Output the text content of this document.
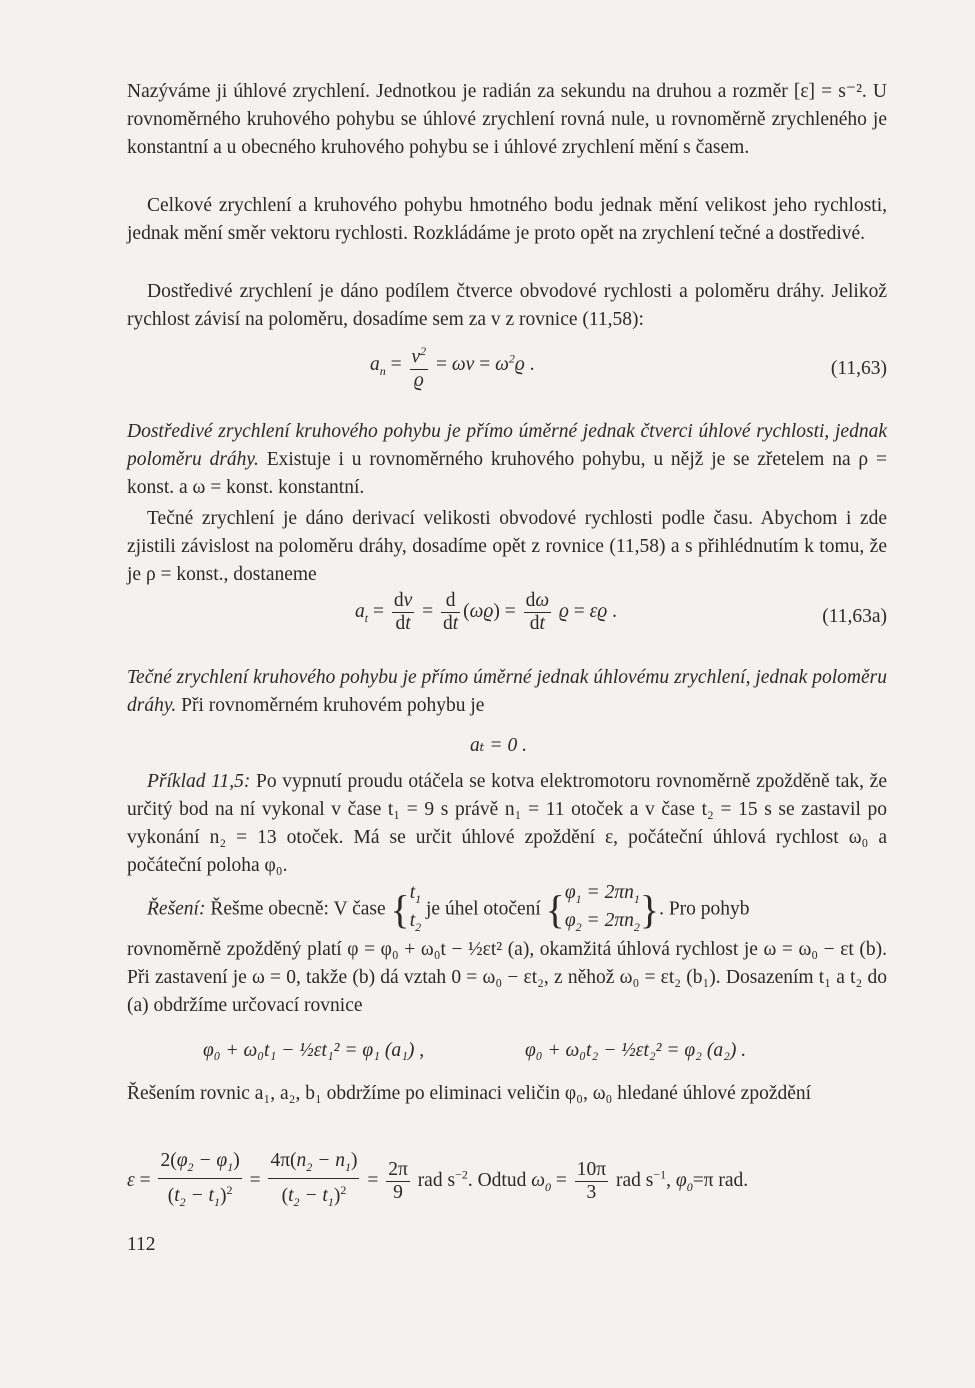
Nazýváme ji úhlové zrychlení. Jednotkou je radián za sekundu na druhou a rozměr [ε] = s⁻². U rovnoměrného kruhového pohybu se úhlové zrychlení rovná nule, u rovnoměrně zrychleného je konstantní a u obecného kruhového pohybu se i úhlové zrychlení mění s časem.
Celkové zrychlení a kruhového pohybu hmotného bodu jednak mění velikost jeho rychlosti, jednak mění směr vektoru rychlosti. Rozkládáme je proto opět na zrychlení tečné a dostředivé.
Dostředivé zrychlení je dáno podílem čtverce obvodové rychlosti a poloměru dráhy. Jelikož rychlost závisí na poloměru, dosadíme sem za v z rovnice (11,58):
$a_n = \frac{v^2}{ϱ} = \omega v = \omega^2ϱ$ .	(11,63)
Dostředivé zrychlení kruhového pohybu je přímo úměrné jednak čtverci úhlové rychlosti, jednak poloměru dráhy. Existuje i u rovnoměrného kruhového pohybu, u nějž je se zřetelem na ρ = konst. a ω = konst. konstantní.
Tečné zrychlení je dáno derivací velikosti obvodové rychlosti podle času. Abychom i zde zjistili závislost na poloměru dráhy, dosadíme opět z rovnice (11,58) a s přihlédnutím k tomu, že je ρ = konst., dostaneme
$a_t = \frac{dv}{dt} = \frac{d}{dt} (\omega ϱ) = \frac{d\omega}{dt}$ ϱ = εϱ .	(11,63a)
Tečné zrychlení kruhového pohybu je přímo úměrné jednak úhlovému zrychlení, jednak poloměru dráhy. Při rovnoměrném kruhovém pohybu je
aₜ = 0 .
Příklad 11,5: Po vypnutí proudu otáčela se kotva elektromotoru rovnoměrně zpožděně tak, že určitý bod na ní vykonal v čase t₁ = 9 s právě n₁ = 11 otoček a v čase t₂ = 15 s se zastavil po vykonání n₂ = 13 otoček. Má se určit úhlové zpoždění ε, počáteční úhlová rychlost ω₀ a počáteční poloha φ₀.
Řešení: Řešme obecně: V čase { $t_1$
$t_2$
je úhel otočení { $\varphi_1 = 2\pi n_1$
$\varphi_2 = 2\pi n_2$ }. Pro pohyb
rovnoměrně zpožděný platí φ = φ₀ + ω₀t − ½εt² (a), okamžitá úhlová rychlost je ω = ω₀ − εt (b). Při zastavení je ω = 0, takže (b) dá vztah 0 = ω₀ − εt₂, z něhož ω₀ = εt₂ (b₁). Dosazením t₁ a t₂ do (a) obdržíme určovací rovnice
φ₀ + ω₀t₁ − ½εt₁² = φ₁ (a₁) ,	φ₀ + ω₀t₂ − ½εt₂² = φ₂ (a₂) .
Řešením rovnic a₁, a₂, b₁ obdržíme po eliminaci veličin φ₀, ω₀ hledané úhlové zpoždění
$\varepsilon = \frac{2(\varphi_2 - \varphi_1)}{(t_2 - t_1)^2} = \frac{4\pi(n_2 - n_1)}{(t_2 - t_1)^2} = \frac{2\pi}{9}$ rad $s^{-2}$. Odtud $\omega_0 = \frac{10\pi}{3}$ rad $s^{-1}$, $\varphi_0=\pi$ rad.
112
